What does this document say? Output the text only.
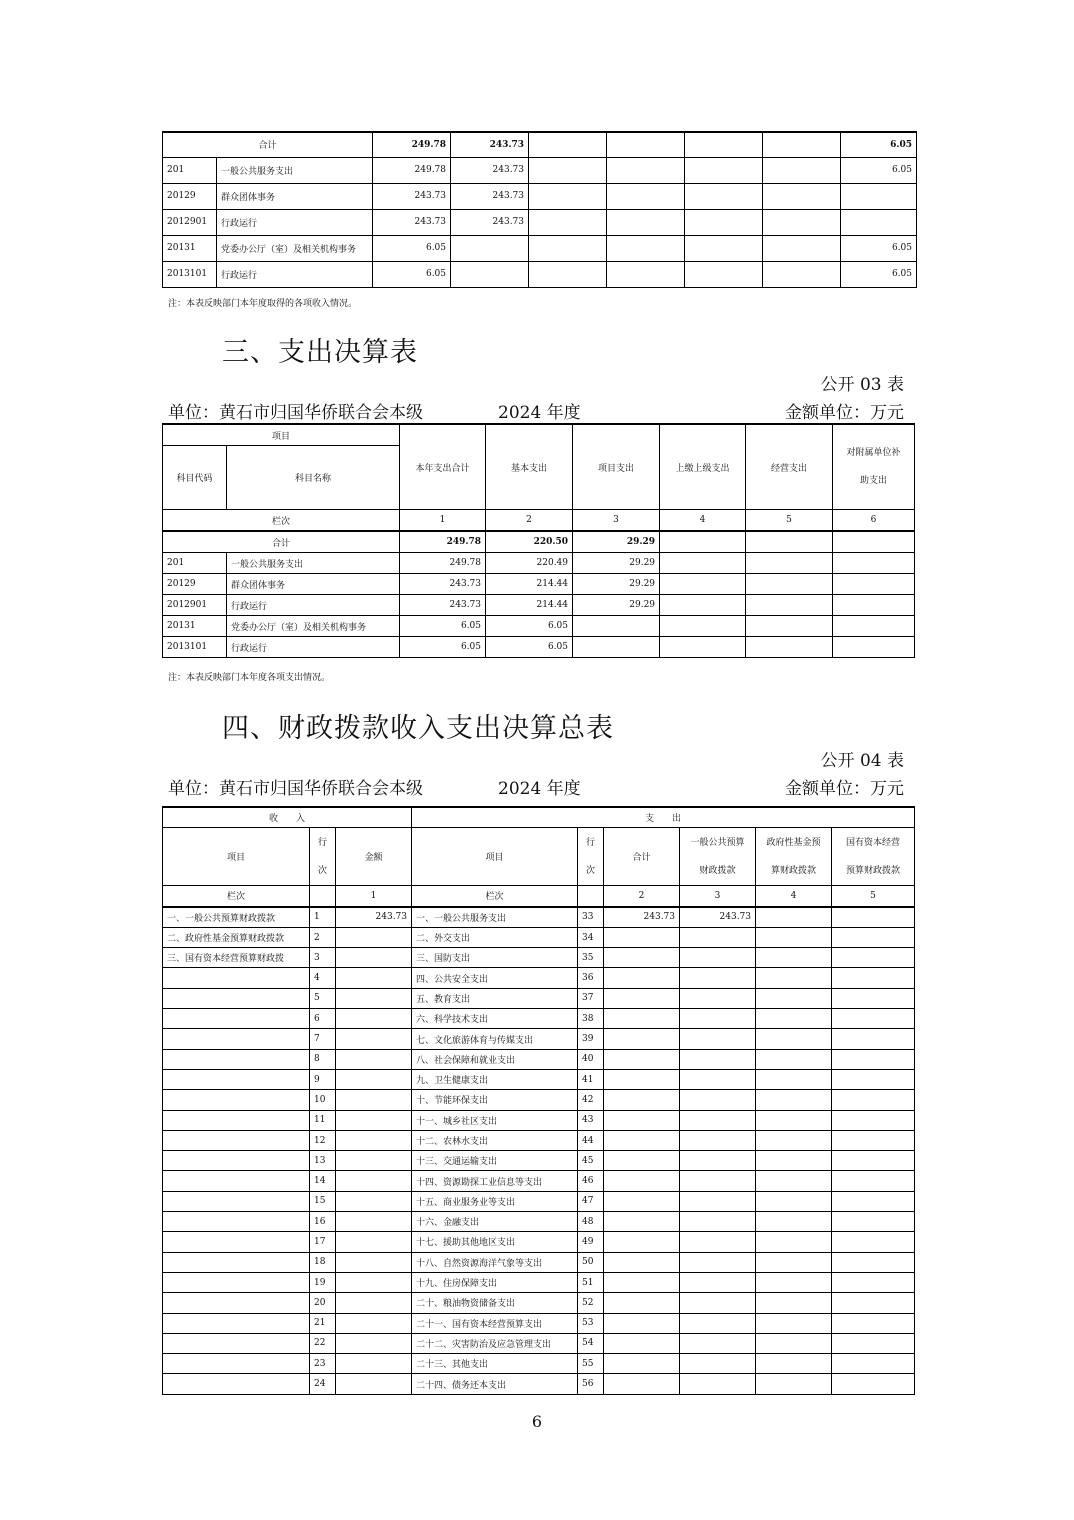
合计		249.78	243.73					6.05
201	一般公共服务支出	249.78	243.73					6.05
20129	群众团体事务	243.73	243.73					
2012901	行政运行	243.73	243.73					
20131	党委办公厅（室）及相关机构事务	6.05						6.05
2013101	行政运行	6.05						6.05
注：本表反映部门本年度取得的各项收入情况。
三、支出决算表
公开 03 表
单位：黄石市归国华侨联合会本级	2024 年度	金额单位：万元
项目		本年支出合计	基本支出	项目支出	上缴上级支出	经营支出	对附属单位补
助支出
科目代码	科目名称						
栏次		1	2	3	4	5	6
合计		249.78	220.50	29.29			
201	一般公共服务支出	249.78	220.49	29.29			
20129	群众团体事务	243.73	214.44	29.29			
2012901	行政运行	243.73	214.44	29.29			
20131	党委办公厅（室）及相关机构事务	6.05	6.05				
2013101	行政运行	6.05	6.05				
注：本表反映部门本年度各项支出情况。
四、财政拨款收入支出决算总表
公开 04 表
单位：黄石市归国华侨联合会本级	2024 年度	金额单位：万元
收　　入			支　　出					
项目	行
次	金额	项目	行
次	合计	一般公共预算
财政拨款	政府性基金预
算财政拨款	国有资本经营
预算财政拨款
栏次		1	栏次		2	3	4	5
一、一般公共预算财政拨款	1	243.73	一、一般公共服务支出	33	243.73	243.73		
二、政府性基金预算财政拨款	2		二、外交支出	34				
三、国有资本经营预算财政拨	3		三、国防支出	35				
	4		四、公共安全支出	36				
	5		五、教育支出	37				
	6		六、科学技术支出	38				
	7		七、文化旅游体育与传媒支出	39				
	8		八、社会保障和就业支出	40				
	9		九、卫生健康支出	41				
	10		十、节能环保支出	42				
	11		十一、城乡社区支出	43				
	12		十二、农林水支出	44				
	13		十三、交通运输支出	45				
	14		十四、资源勘探工业信息等支出	46				
	15		十五、商业服务业等支出	47				
	16		十六、金融支出	48				
	17		十七、援助其他地区支出	49				
	18		十八、自然资源海洋气象等支出	50				
	19		十九、住房保障支出	51				
	20		二十、粮油物资储备支出	52				
	21		二十一、国有资本经营预算支出	53				
	22		二十二、灾害防治及应急管理支出	54				
	23		二十三、其他支出	55				
	24		二十四、债务还本支出	56				
6
